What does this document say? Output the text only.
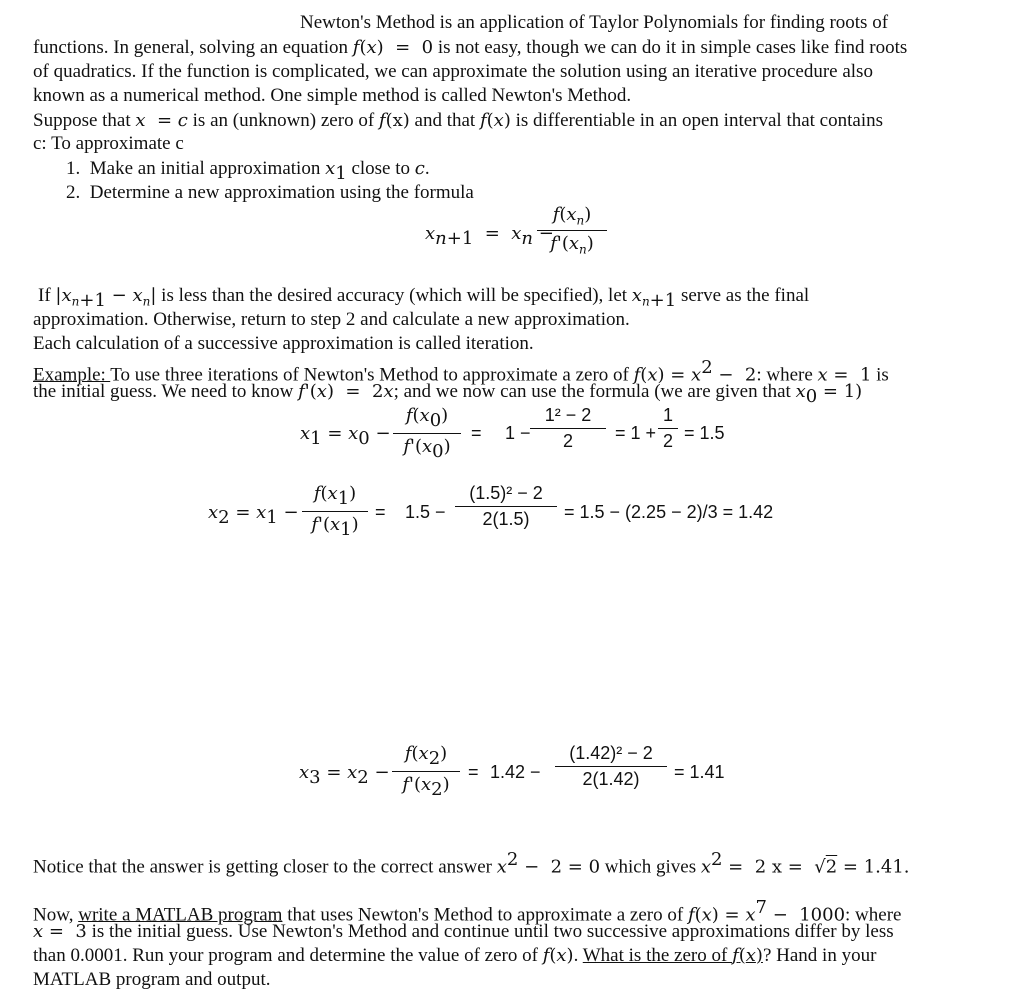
Newton's Method is an application of Taylor Polynomials for finding roots of
functions. In general, solving an equation f(x)  =  0 is not easy, though we can do it in simple cases like find roots
of quadratics. If the function is complicated, we can approximate the solution using an iterative procedure also
known as a numerical method. One simple method is called Newton's Method.
Suppose that x  = c is an (unknown) zero of f(x) and that f(x) is differentiable in an open interval that contains
c: To approximate c
1. Make an initial approximation $x_1$ close to c.
2. Determine a new approximation using the formula
$x_{n+1} = x_n$ −
$f(x_n)$
$f'(x_n)$
If $|x_{n+1} - x_n|$ is less than the desired accuracy (which will be specified), let $x_{n+1}$ serve as the final
approximation. Otherwise, return to step 2 and calculate a new approximation.
Each calculation of a successive approximation is called iteration.
Example: To use three iterations of Newton's Method to approximate a zero of $f(x) = x^2 - 2$: where x =  1 is
the initial guess. We need to know f'(x)  =  2x; and we now can use the formula (we are given that $x_0 = 1$)
$x_1 = x_0$ −
$f(x_0)$
$f'(x_0)$
= 1 −
1² − 2
2	= 1 +
1
2 = 1.5
$x_2 = x_1$ −
$f(x_1)$
$f'(x_1)$
= 1.5 −
(1.5)² − 2
2(1.5)	= 1.5 − (2.25 − 2)/3 = 1.42
$x_3 = x_2$ −
$f(x_2)$
$f'(x_2)$
= 1.42 −
(1.42)² − 2
2(1.42)	= 1.41
Notice that the answer is getting closer to the correct answer $x^2 - 2 = 0$ which gives $x^2 = 2$ x =  √2 = 1.41.
Now, write a MATLAB program that uses Newton's Method to approximate a zero of $f(x) = x^7 - 1000$: where
x =  3 is the initial guess. Use Newton's Method and continue until two successive approximations differ by less
than 0.0001. Run your program and determine the value of zero of f(x). What is the zero of f(x)? Hand in your
MATLAB program and output.
